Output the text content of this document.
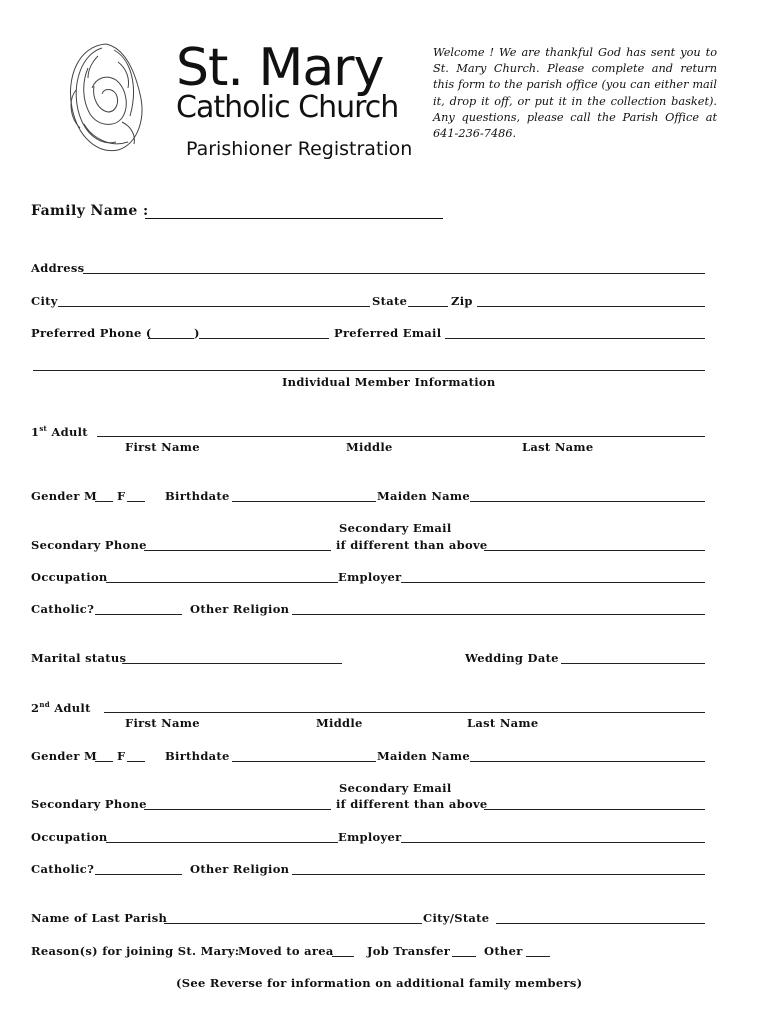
St. Mary
Catholic Church
Parishioner Registration
Welcome ! We are thankful God has sent you to St. Mary Church. Please complete and return this form to the parish office (you can either mail it, drop it off, or put it in the collection basket). Any questions, please call the Parish Office at 641-236-7486.
Family Name :
Address
City	State	Zip
Preferred Phone (	)	Preferred Email
Individual Member Information
1st Adult
First Name	Middle	Last Name
Gender M F	Birthdate	Maiden Name
Secondary Email
Secondary Phone	if different than above
Occupation	Employer
Catholic?	Other Religion
Marital status	Wedding Date
2nd Adult
First Name	Middle	Last Name
Gender M F	Birthdate	Maiden Name
Secondary Email
Secondary Phone	if different than above
Occupation	Employer
Catholic?	Other Religion
Name of Last Parish	City/State
Reason(s) for joining St. Mary:
Moved to area	Job Transfer	Other
(See Reverse for information on additional family members)
